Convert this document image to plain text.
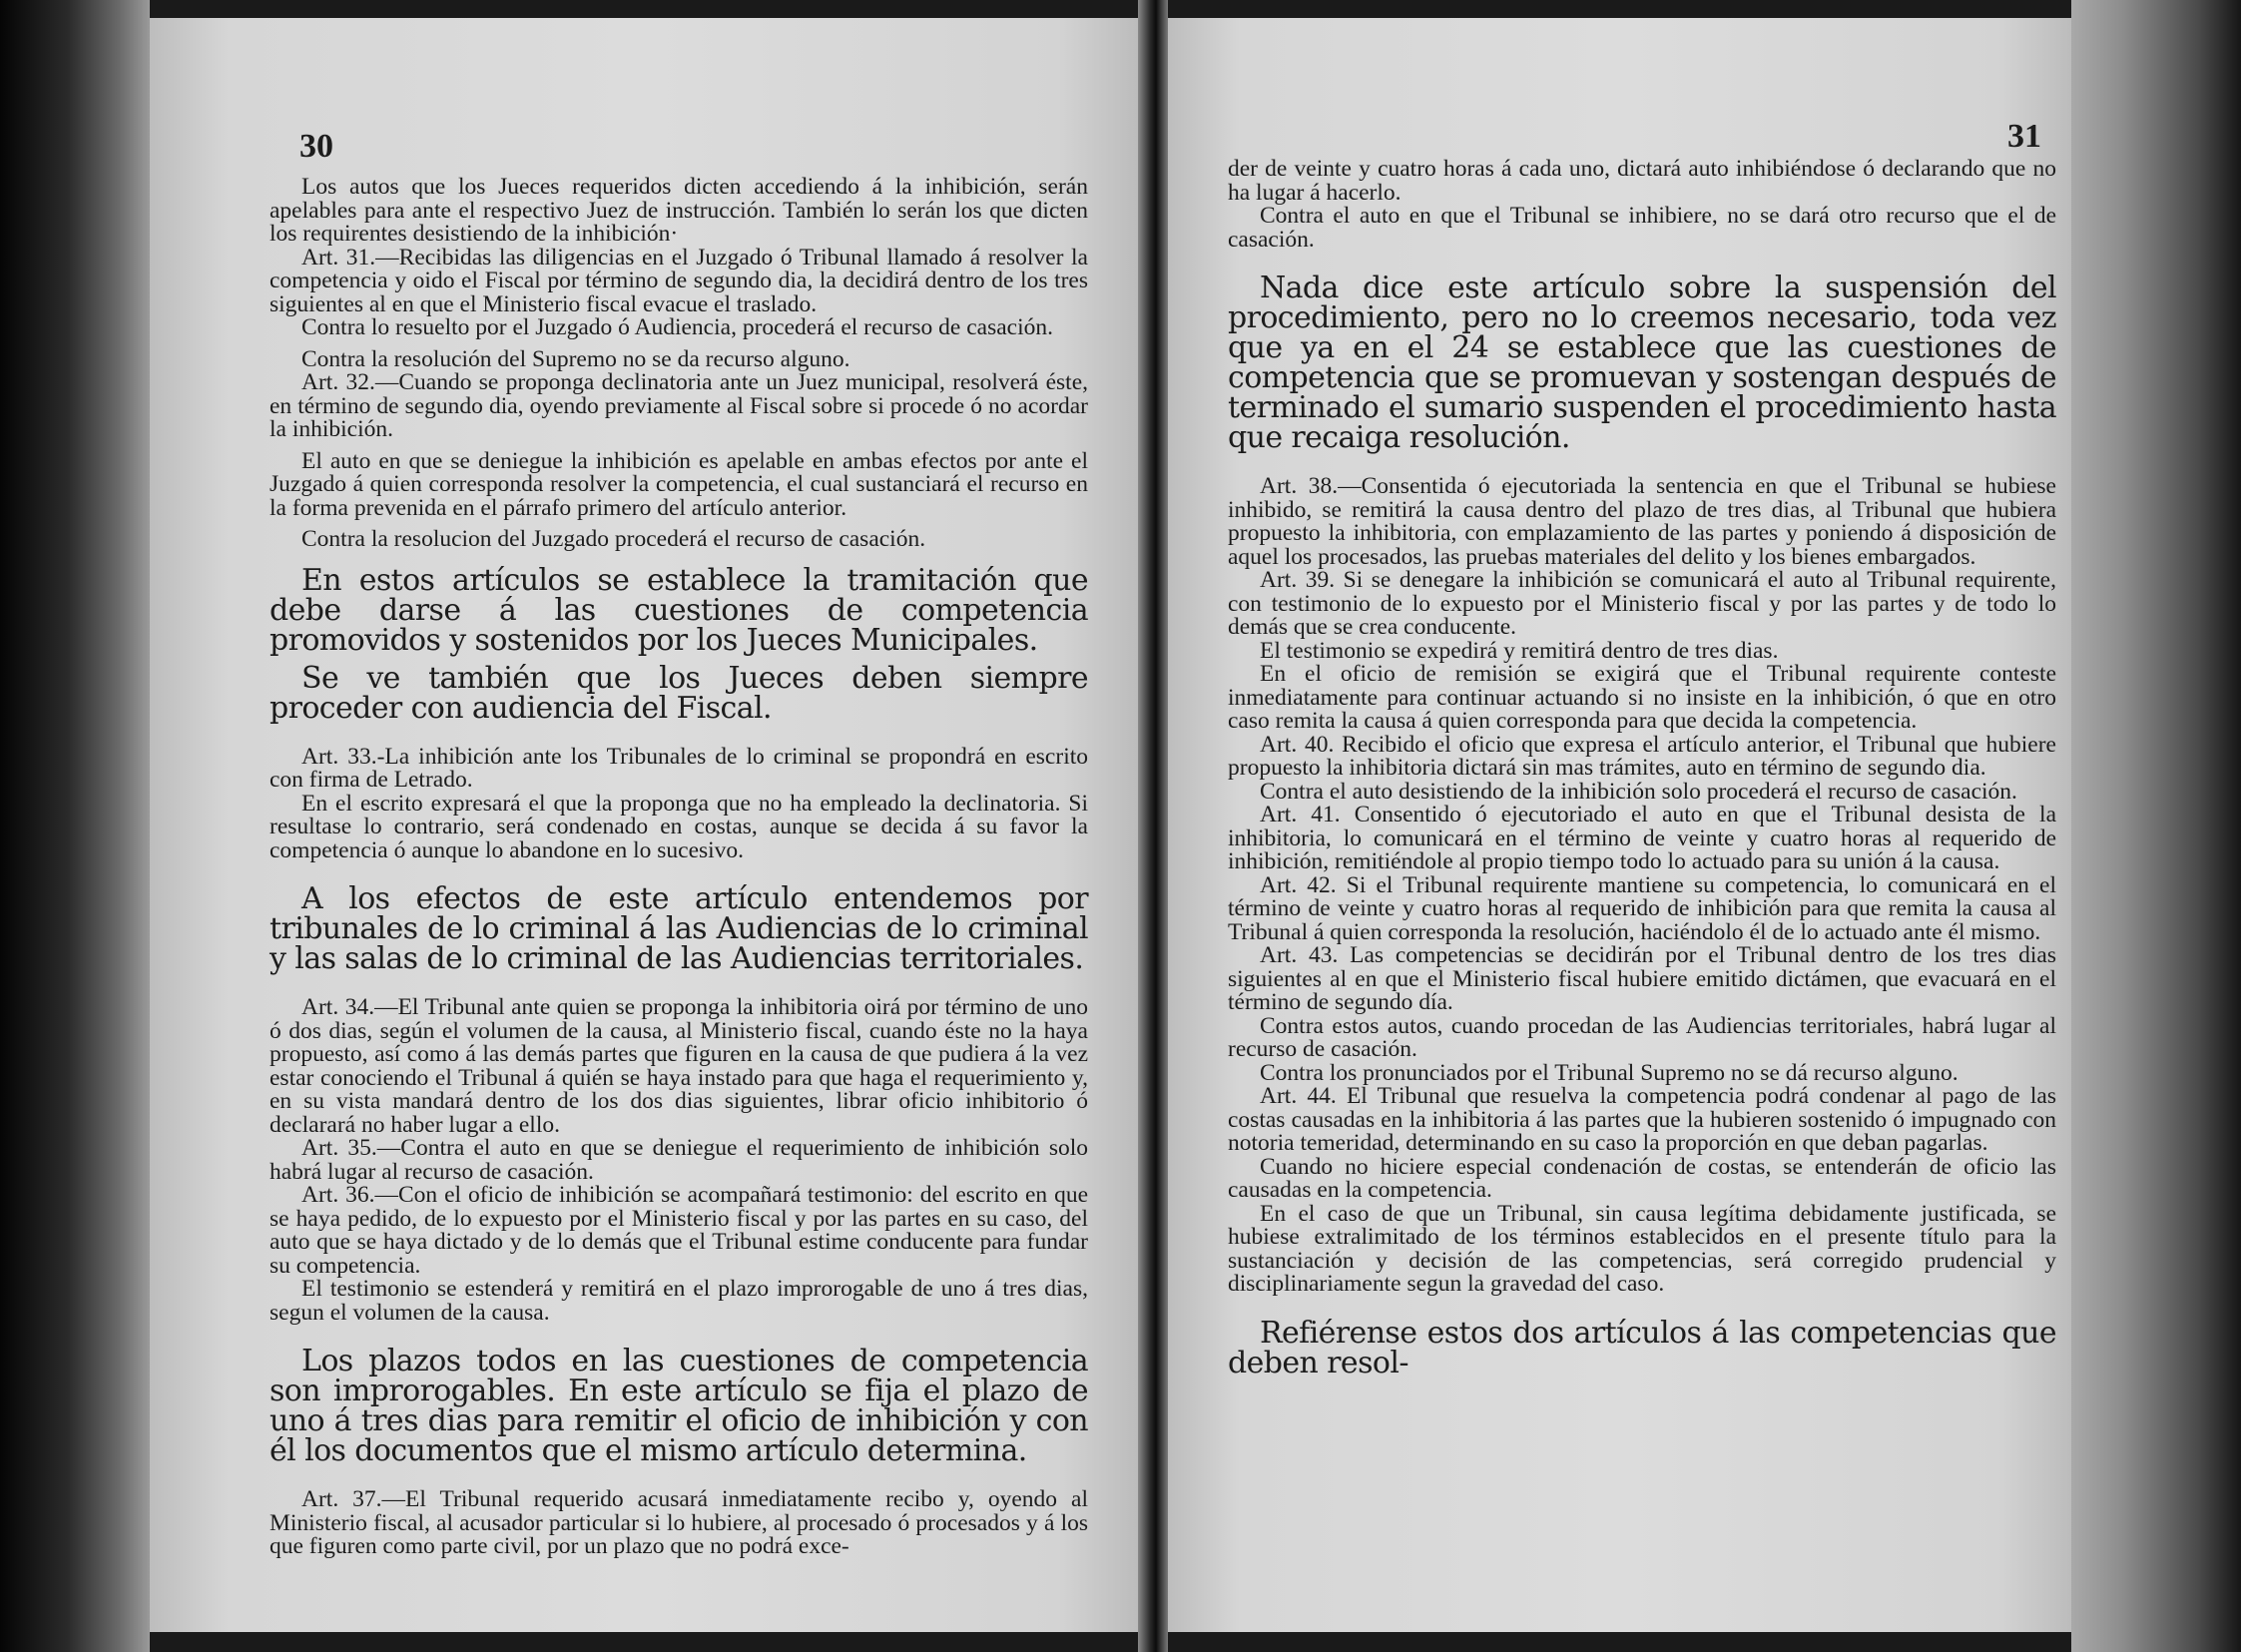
30

Los autos que los Jueces requeridos dicten accediendo á la inhibición, serán apelables para ante el respectivo Juez de instrucción. También lo serán los que dicten los requirentes desistiendo de la inhibición·

Art. 31.—Recibidas las diligencias en el Juzgado ó Tribunal llamado á resolver la competencia y oido el Fiscal por término de segundo dia, la decidirá dentro de los tres siguientes al en que el Ministerio fiscal evacue el traslado.

Contra lo resuelto por el Juzgado ó Audiencia, procederá el recurso de casación.

Contra la resolución del Supremo no se da recurso alguno.

Art. 32.—Cuando se proponga declinatoria ante un Juez municipal, resolverá éste, en término de segundo dia, oyendo previamente al Fiscal sobre si procede ó no acordar la inhibición.

El auto en que se deniegue la inhibición es apelable en ambas efectos por ante el Juzgado á quien corresponda resolver la competencia, el cual sustanciará el recurso en la forma prevenida en el párrafo primero del artículo anterior.

Contra la resolucion del Juzgado procederá el recurso de casación.

En estos artículos se establece la tramitación que debe darse á las cuestiones de competencia promovidos y sostenidos por los Jueces Municipales.

Se ve también que los Jueces deben siempre proceder con audiencia del Fiscal.

Art. 33.-La inhibición ante los Tribunales de lo criminal se propondrá en escrito con firma de Letrado.

En el escrito expresará el que la proponga que no ha empleado la declinatoria. Si resultase lo contrario, será condenado en costas, aunque se decida á su favor la competencia ó aunque lo abandone en lo sucesivo.

A los efectos de este artículo entendemos por tribunales de lo criminal á las Audiencias de lo criminal y las salas de lo criminal de las Audiencias territoriales.

Art. 34.—El Tribunal ante quien se proponga la inhibitoria oirá por término de uno ó dos dias, según el volumen de la causa, al Ministerio fiscal, cuando éste no la haya propuesto, así como á las demás partes que figuren en la causa de que pudiera á la vez estar conociendo el Tribunal á quién se haya instado para que haga el requerimiento y, en su vista mandará dentro de los dos dias siguientes, librar oficio inhibitorio ó declarará no haber lugar a ello.

Art. 35.—Contra el auto en que se deniegue el requerimiento de inhibición solo habrá lugar al recurso de casación.

Art. 36.—Con el oficio de inhibición se acompañará testimonio: del escrito en que se haya pedido, de lo expuesto por el Ministerio fiscal y por las partes en su caso, del auto que se haya dictado y de lo demás que el Tribunal estime conducente para fundar su competencia.

El testimonio se estenderá y remitirá en el plazo improrogable de uno á tres dias, segun el volumen de la causa.

Los plazos todos en las cuestiones de competencia son improrogables. En este artículo se fija el plazo de uno á tres dias para remitir el oficio de inhibición y con él los documentos que el mismo artículo determina.

Art. 37.—El Tribunal requerido acusará inmediatamente recibo y, oyendo al Ministerio fiscal, al acusador particular si lo hubiere, al procesado ó procesados y á los que figuren como parte civil, por un plazo que no podrá exce-

31

der de veinte y cuatro horas á cada uno, dictará auto inhibiéndose ó declarando que no ha lugar á hacerlo.

Contra el auto en que el Tribunal se inhibiere, no se dará otro recurso que el de casación.

Nada dice este artículo sobre la suspensión del procedimiento, pero no lo creemos necesario, toda vez que ya en el 24 se establece que las cuestiones de competencia que se promuevan y sostengan después de terminado el sumario suspenden el procedimiento hasta que recaiga resolución.

Art. 38.—Consentida ó ejecutoriada la sentencia en que el Tribunal se hubiese inhibido, se remitirá la causa dentro del plazo de tres dias, al Tribunal que hubiera propuesto la inhibitoria, con emplazamiento de las partes y poniendo á disposición de aquel los procesados, las pruebas materiales del delito y los bienes embargados.

Art. 39. Si se denegare la inhibición se comunicará el auto al Tribunal requirente, con testimonio de lo expuesto por el Ministerio fiscal y por las partes y de todo lo demás que se crea conducente.

El testimonio se expedirá y remitirá dentro de tres dias.

En el oficio de remisión se exigirá que el Tribunal requirente conteste inmediatamente para continuar actuando si no insiste en la inhibición, ó que en otro caso remita la causa á quien corresponda para que decida la competencia.

Art. 40. Recibido el oficio que expresa el artículo anterior, el Tribunal que hubiere propuesto la inhibitoria dictará sin mas trámites, auto en término de segundo dia.

Contra el auto desistiendo de la inhibición solo procederá el recurso de casación.

Art. 41. Consentido ó ejecutoriado el auto en que el Tribunal desista de la inhibitoria, lo comunicará en el término de veinte y cuatro horas al requerido de inhibición, remitiéndole al propio tiempo todo lo actuado para su unión á la causa.

Art. 42. Si el Tribunal requirente mantiene su competencia, lo comunicará en el término de veinte y cuatro horas al requerido de inhibición para que remita la causa al Tribunal á quien corresponda la resolución, haciéndolo él de lo actuado ante él mismo.

Art. 43. Las competencias se decidirán por el Tribunal dentro de los tres dias siguientes al en que el Ministerio fiscal hubiere emitido dictámen, que evacuará en el término de segundo día.

Contra estos autos, cuando procedan de las Audiencias territoriales, habrá lugar al recurso de casación.

Contra los pronunciados por el Tribunal Supremo no se dá recurso alguno.

Art. 44. El Tribunal que resuelva la competencia podrá condenar al pago de las costas causadas en la inhibitoria á las partes que la hubieren sostenido ó impugnado con notoria temeridad, determinando en su caso la proporción en que deban pagarlas.

Cuando no hiciere especial condenación de costas, se entenderán de oficio las causadas en la competencia.

En el caso de que un Tribunal, sin causa legítima debidamente justificada, se hubiese extralimitado de los términos establecidos en el presente título para la sustanciación y decisión de las competencias, será corregido prudencial y disciplinariamente segun la gravedad del caso.

Refiérense estos dos artículos á las competencias que deben resol-
